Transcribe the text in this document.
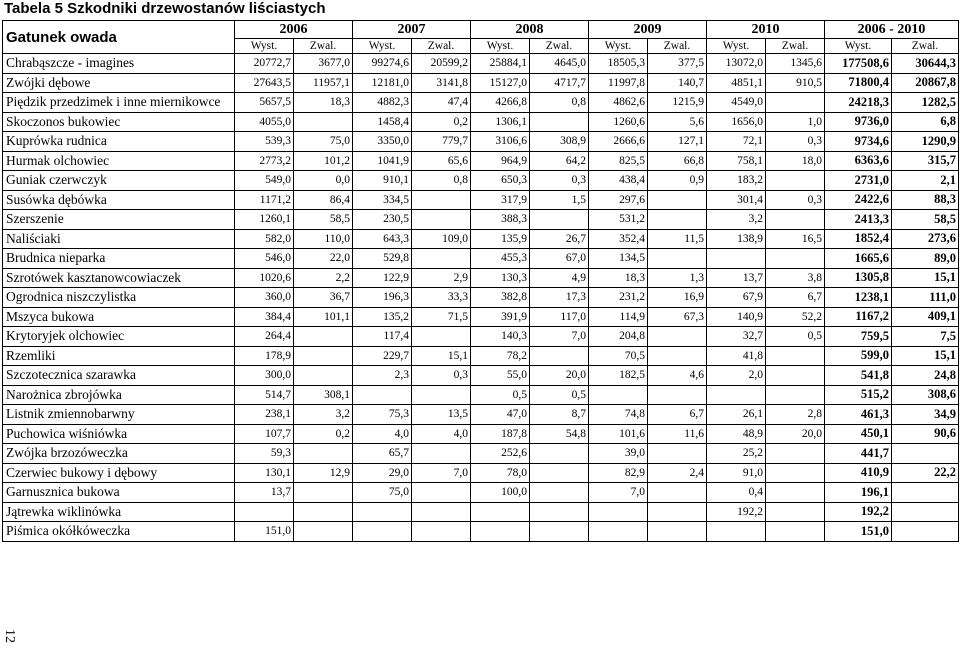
Tabela 5 Szkodniki drzewostanów liściastych
Gatunek owada	2006		2007		2008		2009		2010		2006 - 2010	
	Wyst.	Zwal.	Wyst.	Zwal.	Wyst.	Zwal.	Wyst.	Zwal.	Wyst.	Zwal.	Wyst.	Zwal.
Chrabąszcze - imagines	20772,7	3677,0	99274,6	20599,2	25884,1	4645,0	18505,3	377,5	13072,0	1345,6	177508,6	30644,3
Zwójki dębowe	27643,5	11957,1	12181,0	3141,8	15127,0	4717,7	11997,8	140,7	4851,1	910,5	71800,4	20867,8
Piędzik przedzimek i inne miernikowce	5657,5	18,3	4882,3	47,4	4266,8	0,8	4862,6	1215,9	4549,0		24218,3	1282,5
Skoczonos bukowiec	4055,0		1458,4	0,2	1306,1		1260,6	5,6	1656,0	1,0	9736,0	6,8
Kuprówka rudnica	539,3	75,0	3350,0	779,7	3106,6	308,9	2666,6	127,1	72,1	0,3	9734,6	1290,9
Hurmak olchowiec	2773,2	101,2	1041,9	65,6	964,9	64,2	825,5	66,8	758,1	18,0	6363,6	315,7
Guniak czerwczyk	549,0	0,0	910,1	0,8	650,3	0,3	438,4	0,9	183,2		2731,0	2,1
Susówka dębówka	1171,2	86,4	334,5		317,9	1,5	297,6		301,4	0,3	2422,6	88,3
Szerszenie	1260,1	58,5	230,5		388,3		531,2		3,2		2413,3	58,5
Naliściaki	582,0	110,0	643,3	109,0	135,9	26,7	352,4	11,5	138,9	16,5	1852,4	273,6
Brudnica nieparka	546,0	22,0	529,8		455,3	67,0	134,5				1665,6	89,0
Szrotówek kasztanowcowiaczek	1020,6	2,2	122,9	2,9	130,3	4,9	18,3	1,3	13,7	3,8	1305,8	15,1
Ogrodnica niszczylistka	360,0	36,7	196,3	33,3	382,8	17,3	231,2	16,9	67,9	6,7	1238,1	111,0
Mszyca bukowa	384,4	101,1	135,2	71,5	391,9	117,0	114,9	67,3	140,9	52,2	1167,2	409,1
Krytoryjek olchowiec	264,4		117,4		140,3	7,0	204,8		32,7	0,5	759,5	7,5
Rzemliki	178,9		229,7	15,1	78,2		70,5		41,8		599,0	15,1
Szczotecznica szarawka	300,0		2,3	0,3	55,0	20,0	182,5	4,6	2,0		541,8	24,8
Narożnica zbrojówka	514,7	308,1			0,5	0,5					515,2	308,6
Listnik zmiennobarwny	238,1	3,2	75,3	13,5	47,0	8,7	74,8	6,7	26,1	2,8	461,3	34,9
Puchowica wiśniówka	107,7	0,2	4,0	4,0	187,8	54,8	101,6	11,6	48,9	20,0	450,1	90,6
Zwójka brzozóweczka	59,3		65,7		252,6		39,0		25,2		441,7	
Czerwiec bukowy i dębowy	130,1	12,9	29,0	7,0	78,0		82,9	2,4	91,0		410,9	22,2
Garnusznica bukowa	13,7		75,0		100,0		7,0		0,4		196,1	
Jątrewka wiklinówka									192,2		192,2	
Piśmica okółkóweczka	151,0										151,0	
12
